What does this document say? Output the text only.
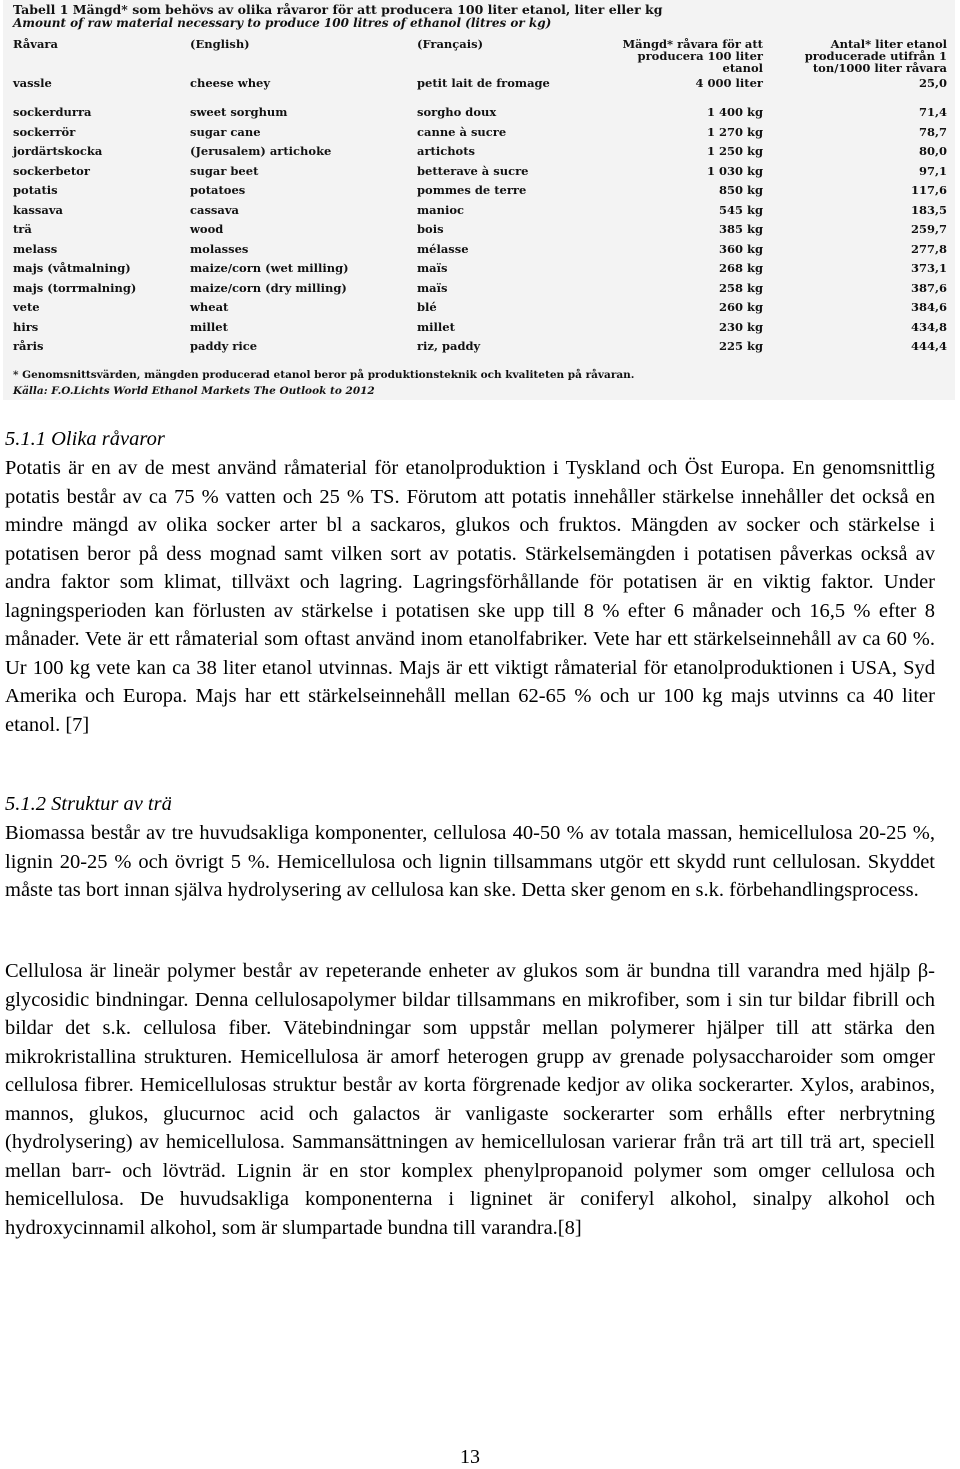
Tabell 1 Mängd* som behövs av olika råvaror för att producera 100 liter etanol, liter eller kg
Amount of raw material necessary to produce 100 litres of ethanol (litres or kg)
Råvara	(English)	(Français)	Mängd* råvara för att producera 100 liter etanol	Antal* liter etanol producerade utifrån 1 ton/1000 liter råvara
vassle	cheese whey	petit lait de fromage	4 000 liter	25,0
sockerdurra	sweet sorghum	sorgho doux	1 400 kg	71,4
sockerrör	sugar cane	canne à sucre	1 270 kg	78,7
jordärtskocka	(Jerusalem) artichoke	artichots	1 250 kg	80,0
sockerbetor	sugar beet	betterave à sucre	1 030 kg	97,1
potatis	potatoes	pommes de terre	850 kg	117,6
kassava	cassava	manioc	545 kg	183,5
trä	wood	bois	385 kg	259,7
melass	molasses	mélasse	360 kg	277,8
majs (våtmalning)	maize/corn (wet milling)	maïs	268 kg	373,1
majs (torrmalning)	maize/corn (dry milling)	maïs	258 kg	387,6
vete	wheat	blé	260 kg	384,6
hirs	millet	millet	230 kg	434,8
råris	paddy rice	riz, paddy	225 kg	444,4
* Genomsnittsvärden, mängden producerad etanol beror på produktionsteknik och kvaliteten på råvaran.
Källa: F.O.Lichts World Ethanol Markets The Outlook to 2012
5.1.1 Olika råvaror
Potatis är en av de mest använd råmaterial för etanolproduktion i Tyskland och Öst Europa. En genomsnittlig potatis består av ca 75 % vatten och 25 % TS. Förutom att potatis innehåller stärkelse innehåller det också en mindre mängd av olika socker arter bl a sackaros, glukos och fruktos. Mängden av socker och stärkelse i potatisen beror på dess mognad samt vilken sort av potatis. Stärkelsemängden i potatisen påverkas också av andra faktor som klimat, tillväxt och lagring. Lagringsförhållande för potatisen är en viktig faktor. Under lagningsperioden kan förlusten av stärkelse i potatisen ske upp till 8 % efter 6 månader och 16,5 % efter 8 månader. Vete är ett råmaterial som oftast använd inom etanolfabriker. Vete har ett stärkelseinnehåll av ca 60 %. Ur 100 kg vete kan ca 38 liter etanol utvinnas. Majs är ett viktigt råmaterial för etanolproduktionen i USA, Syd Amerika och Europa. Majs har ett stärkelseinnehåll mellan 62-65 % och ur 100 kg majs utvinns ca 40 liter etanol. [7]
5.1.2 Struktur av trä
Biomassa består av tre huvudsakliga komponenter, cellulosa 40-50 % av totala massan, hemicellulosa 20-25 %, lignin 20-25 % och övrigt 5 %. Hemicellulosa och lignin tillsammans utgör ett skydd runt cellulosan. Skyddet måste tas bort innan själva hydrolysering av cellulosa kan ske. Detta sker genom en s.k. förbehandlingsprocess.
Cellulosa är lineär polymer består av repeterande enheter av glukos som är bundna till varandra med hjälp β-glycosidic bindningar. Denna cellulosapolymer bildar tillsammans en mikrofiber, som i sin tur bildar fibrill och bildar det s.k. cellulosa fiber. Vätebindningar som uppstår mellan polymerer hjälper till att stärka den mikrokristallina strukturen. Hemicellulosa är amorf heterogen grupp av grenade polysaccharoider som omger cellulosa fibrer. Hemicellulosas struktur består av korta förgrenade kedjor av olika sockerarter. Xylos, arabinos, mannos, glukos, glucurnoc acid och galactos är vanligaste sockerarter som erhålls efter nerbrytning (hydrolysering) av hemicellulosa. Sammansättningen av hemicellulosan varierar från trä art till trä art, speciell mellan barr- och lövträd. Lignin är en stor komplex phenylpropanoid polymer som omger cellulosa och hemicellulosa. De huvudsakliga komponenterna i ligninet är coniferyl alkohol, sinalpy alkohol och hydroxycinnamil alkohol, som är slumpartade bundna till varandra.[8]
13
